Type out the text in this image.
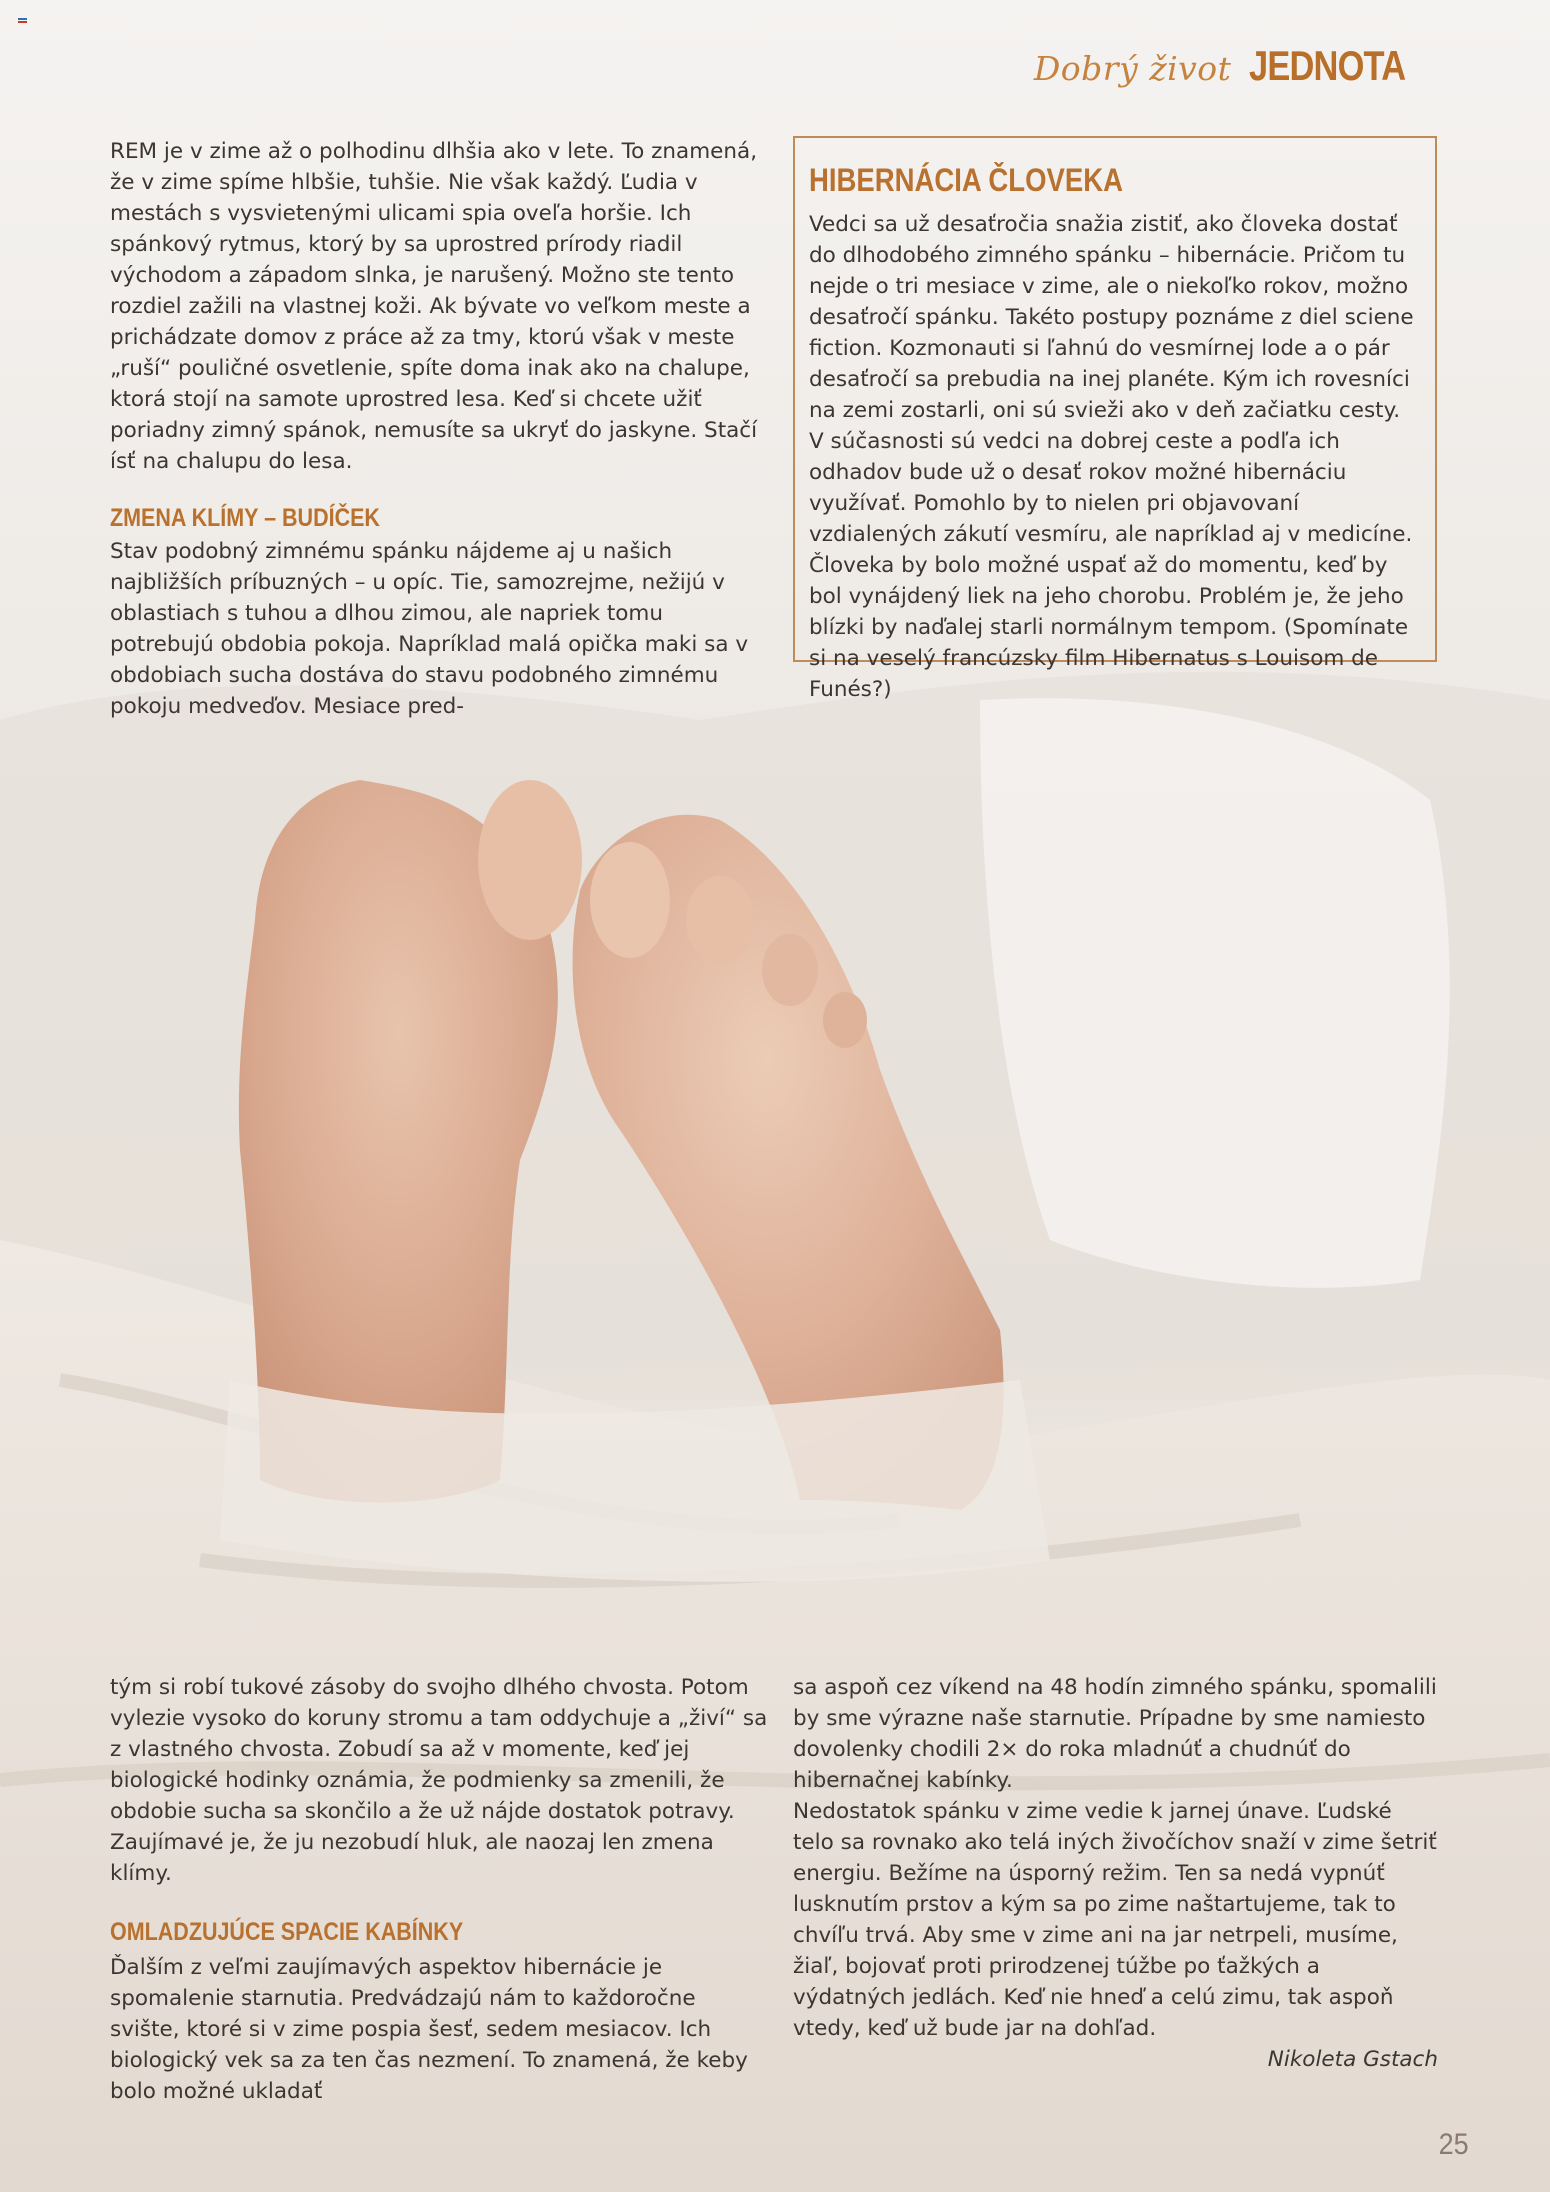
Dobrý život JEDNOTA

REM je v zime až o polhodinu dlhšia ako v lete. To znamená, že v zime spíme hlbšie, tuhšie. Nie však každý. Ľudia v mestách s vysvietenými ulicami spia oveľa horšie. Ich spánkový rytmus, ktorý by sa uprostred prírody riadil východom a západom slnka, je narušený. Možno ste tento rozdiel zažili na vlastnej koži. Ak bývate vo veľkom meste a prichádzate domov z práce až za tmy, ktorú však v meste „ruší“ pouličné osvetlenie, spíte doma inak ako na chalupe, ktorá stojí na samote uprostred lesa. Keď si chcete užiť poriadny zimný spánok, nemusíte sa ukryť do jaskyne. Stačí ísť na chalupu do lesa.

ZMENA KLÍMY – BUDÍČEK

Stav podobný zimnému spánku nájdeme aj u našich najbližších príbuzných – u opíc. Tie, samozrejme, nežijú v oblastiach s tuhou a dlhou zimou, ale napriek tomu potrebujú obdobia pokoja. Napríklad malá opička maki sa v obdobiach sucha dostáva do stavu podobného zimnému pokoju medveďov. Mesiace pred-

HIBERNÁCIA ČLOVEKA
Vedci sa už desaťročia snažia zistiť, ako človeka dostať do dlhodobého zimného spánku – hibernácie. Pričom tu nejde o tri mesiace v zime, ale o niekoľko rokov, možno desaťročí spánku. Takéto postupy poznáme z diel sciene fiction. Kozmonauti si ľahnú do vesmírnej lode a o pár desaťročí sa prebudia na inej planéte. Kým ich rovesníci na zemi zostarli, oni sú svieži ako v deň začiatku cesty. V súčasnosti sú vedci na dobrej ceste a podľa ich odhadov bude už o desať rokov možné hibernáciu využívať. Pomohlo by to nielen pri objavovaní vzdialených zákutí vesmíru, ale napríklad aj v medicíne. Človeka by bolo možné uspať až do momentu, keď by bol vynájdený liek na jeho chorobu. Problém je, že jeho blízki by naďalej starli normálnym tempom. (Spomínate si na veselý francúzsky film Hibernatus s Louisom de Funés?)

tým si robí tukové zásoby do svojho dlhého chvosta. Potom vylezie vysoko do koruny stromu a tam oddychuje a „živí“ sa z vlastného chvosta. Zobudí sa až v momente, keď jej biologické hodinky oznámia, že podmienky sa zmenili, že obdobie sucha sa skončilo a že už nájde dostatok potravy. Zaujímavé je, že ju nezobudí hluk, ale naozaj len zmena klímy.

OMLADZUJÚCE SPACIE KABÍNKY

Ďalším z veľmi zaujímavých aspektov hibernácie je spomalenie starnutia. Predvádzajú nám to každoročne svište, ktoré si v zime pospia šesť, sedem mesiacov. Ich biologický vek sa za ten čas nezmení. To znamená, že keby bolo možné ukladať

sa aspoň cez víkend na 48 hodín zimného spánku, spomalili by sme výrazne naše starnutie. Prípadne by sme namiesto dovolenky chodili 2× do roka mladnúť a chudnúť do hibernačnej kabínky.

Nedostatok spánku v zime vedie k jarnej únave. Ľudské telo sa rovnako ako telá iných živočíchov snaží v zime šetriť energiu. Bežíme na úsporný režim. Ten sa nedá vypnúť lusknutím prstov a kým sa po zime naštartujeme, tak to chvíľu trvá. Aby sme v zime ani na jar netrpeli, musíme, žiaľ, bojovať proti prirodzenej túžbe po ťažkých a výdatných jedlách. Keď nie hneď a celú zimu, tak aspoň vtedy, keď už bude jar na dohľad.

Nikoleta Gstach

25
